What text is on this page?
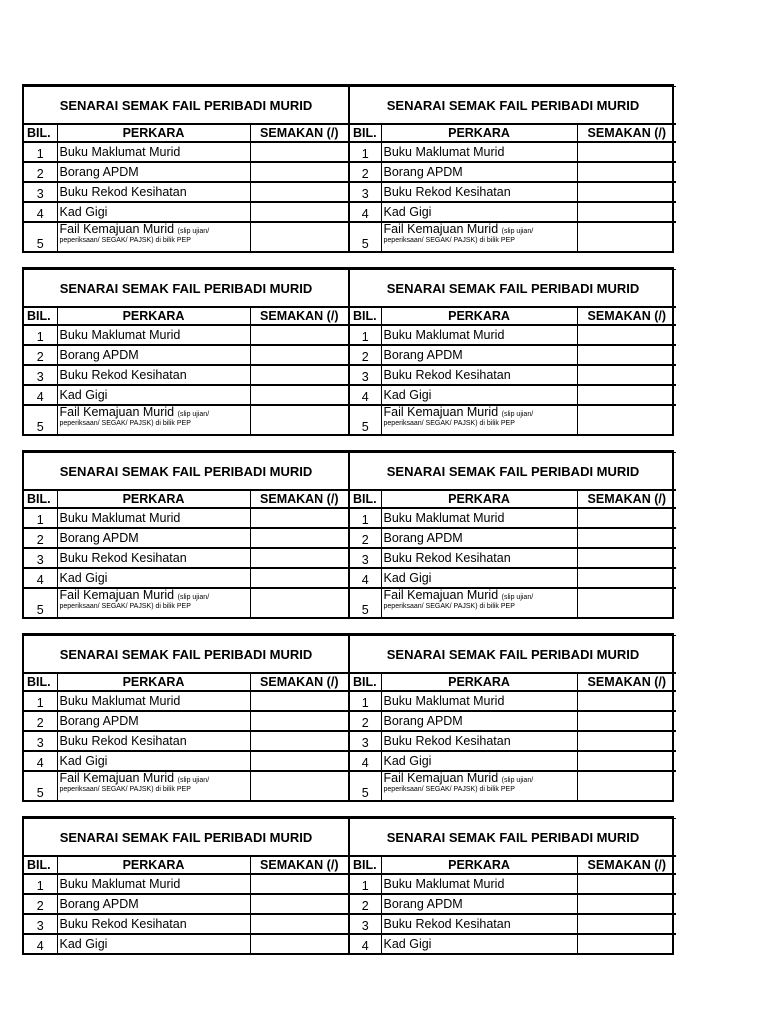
SENARAI SEMAK FAIL PERIBADI MURID			SENARAI SEMAK FAIL PERIBADI MURID		
BIL.	PERKARA	SEMAKAN (/)	BIL.	PERKARA	SEMAKAN (/)
1	Buku Maklumat Murid		1	Buku Maklumat Murid	
2	Borang APDM		2	Borang APDM	
3	Buku Rekod Kesihatan		3	Buku Rekod Kesihatan	
4	Kad Gigi		4	Kad Gigi	
5	Fail Kemajuan Murid (slip ujian/
peperiksaan/ SEGAK/ PAJSK) di bilik PEP		5	Fail Kemajuan Murid (slip ujian/
peperiksaan/ SEGAK/ PAJSK) di bilik PEP	

SENARAI SEMAK FAIL PERIBADI MURID			SENARAI SEMAK FAIL PERIBADI MURID		
BIL.	PERKARA	SEMAKAN (/)	BIL.	PERKARA	SEMAKAN (/)
1	Buku Maklumat Murid		1	Buku Maklumat Murid	
2	Borang APDM		2	Borang APDM	
3	Buku Rekod Kesihatan		3	Buku Rekod Kesihatan	
4	Kad Gigi		4	Kad Gigi	
5	Fail Kemajuan Murid (slip ujian/
peperiksaan/ SEGAK/ PAJSK) di bilik PEP		5	Fail Kemajuan Murid (slip ujian/
peperiksaan/ SEGAK/ PAJSK) di bilik PEP	

SENARAI SEMAK FAIL PERIBADI MURID			SENARAI SEMAK FAIL PERIBADI MURID		
BIL.	PERKARA	SEMAKAN (/)	BIL.	PERKARA	SEMAKAN (/)
1	Buku Maklumat Murid		1	Buku Maklumat Murid	
2	Borang APDM		2	Borang APDM	
3	Buku Rekod Kesihatan		3	Buku Rekod Kesihatan	
4	Kad Gigi		4	Kad Gigi	
5	Fail Kemajuan Murid (slip ujian/
peperiksaan/ SEGAK/ PAJSK) di bilik PEP		5	Fail Kemajuan Murid (slip ujian/
peperiksaan/ SEGAK/ PAJSK) di bilik PEP	

SENARAI SEMAK FAIL PERIBADI MURID			SENARAI SEMAK FAIL PERIBADI MURID		
BIL.	PERKARA	SEMAKAN (/)	BIL.	PERKARA	SEMAKAN (/)
1	Buku Maklumat Murid		1	Buku Maklumat Murid	
2	Borang APDM		2	Borang APDM	
3	Buku Rekod Kesihatan		3	Buku Rekod Kesihatan	
4	Kad Gigi		4	Kad Gigi	
5	Fail Kemajuan Murid (slip ujian/
peperiksaan/ SEGAK/ PAJSK) di bilik PEP		5	Fail Kemajuan Murid (slip ujian/
peperiksaan/ SEGAK/ PAJSK) di bilik PEP	

SENARAI SEMAK FAIL PERIBADI MURID			SENARAI SEMAK FAIL PERIBADI MURID		
BIL.	PERKARA	SEMAKAN (/)	BIL.	PERKARA	SEMAKAN (/)
1	Buku Maklumat Murid		1	Buku Maklumat Murid	
2	Borang APDM		2	Borang APDM	
3	Buku Rekod Kesihatan		3	Buku Rekod Kesihatan	
4	Kad Gigi		4	Kad Gigi	
